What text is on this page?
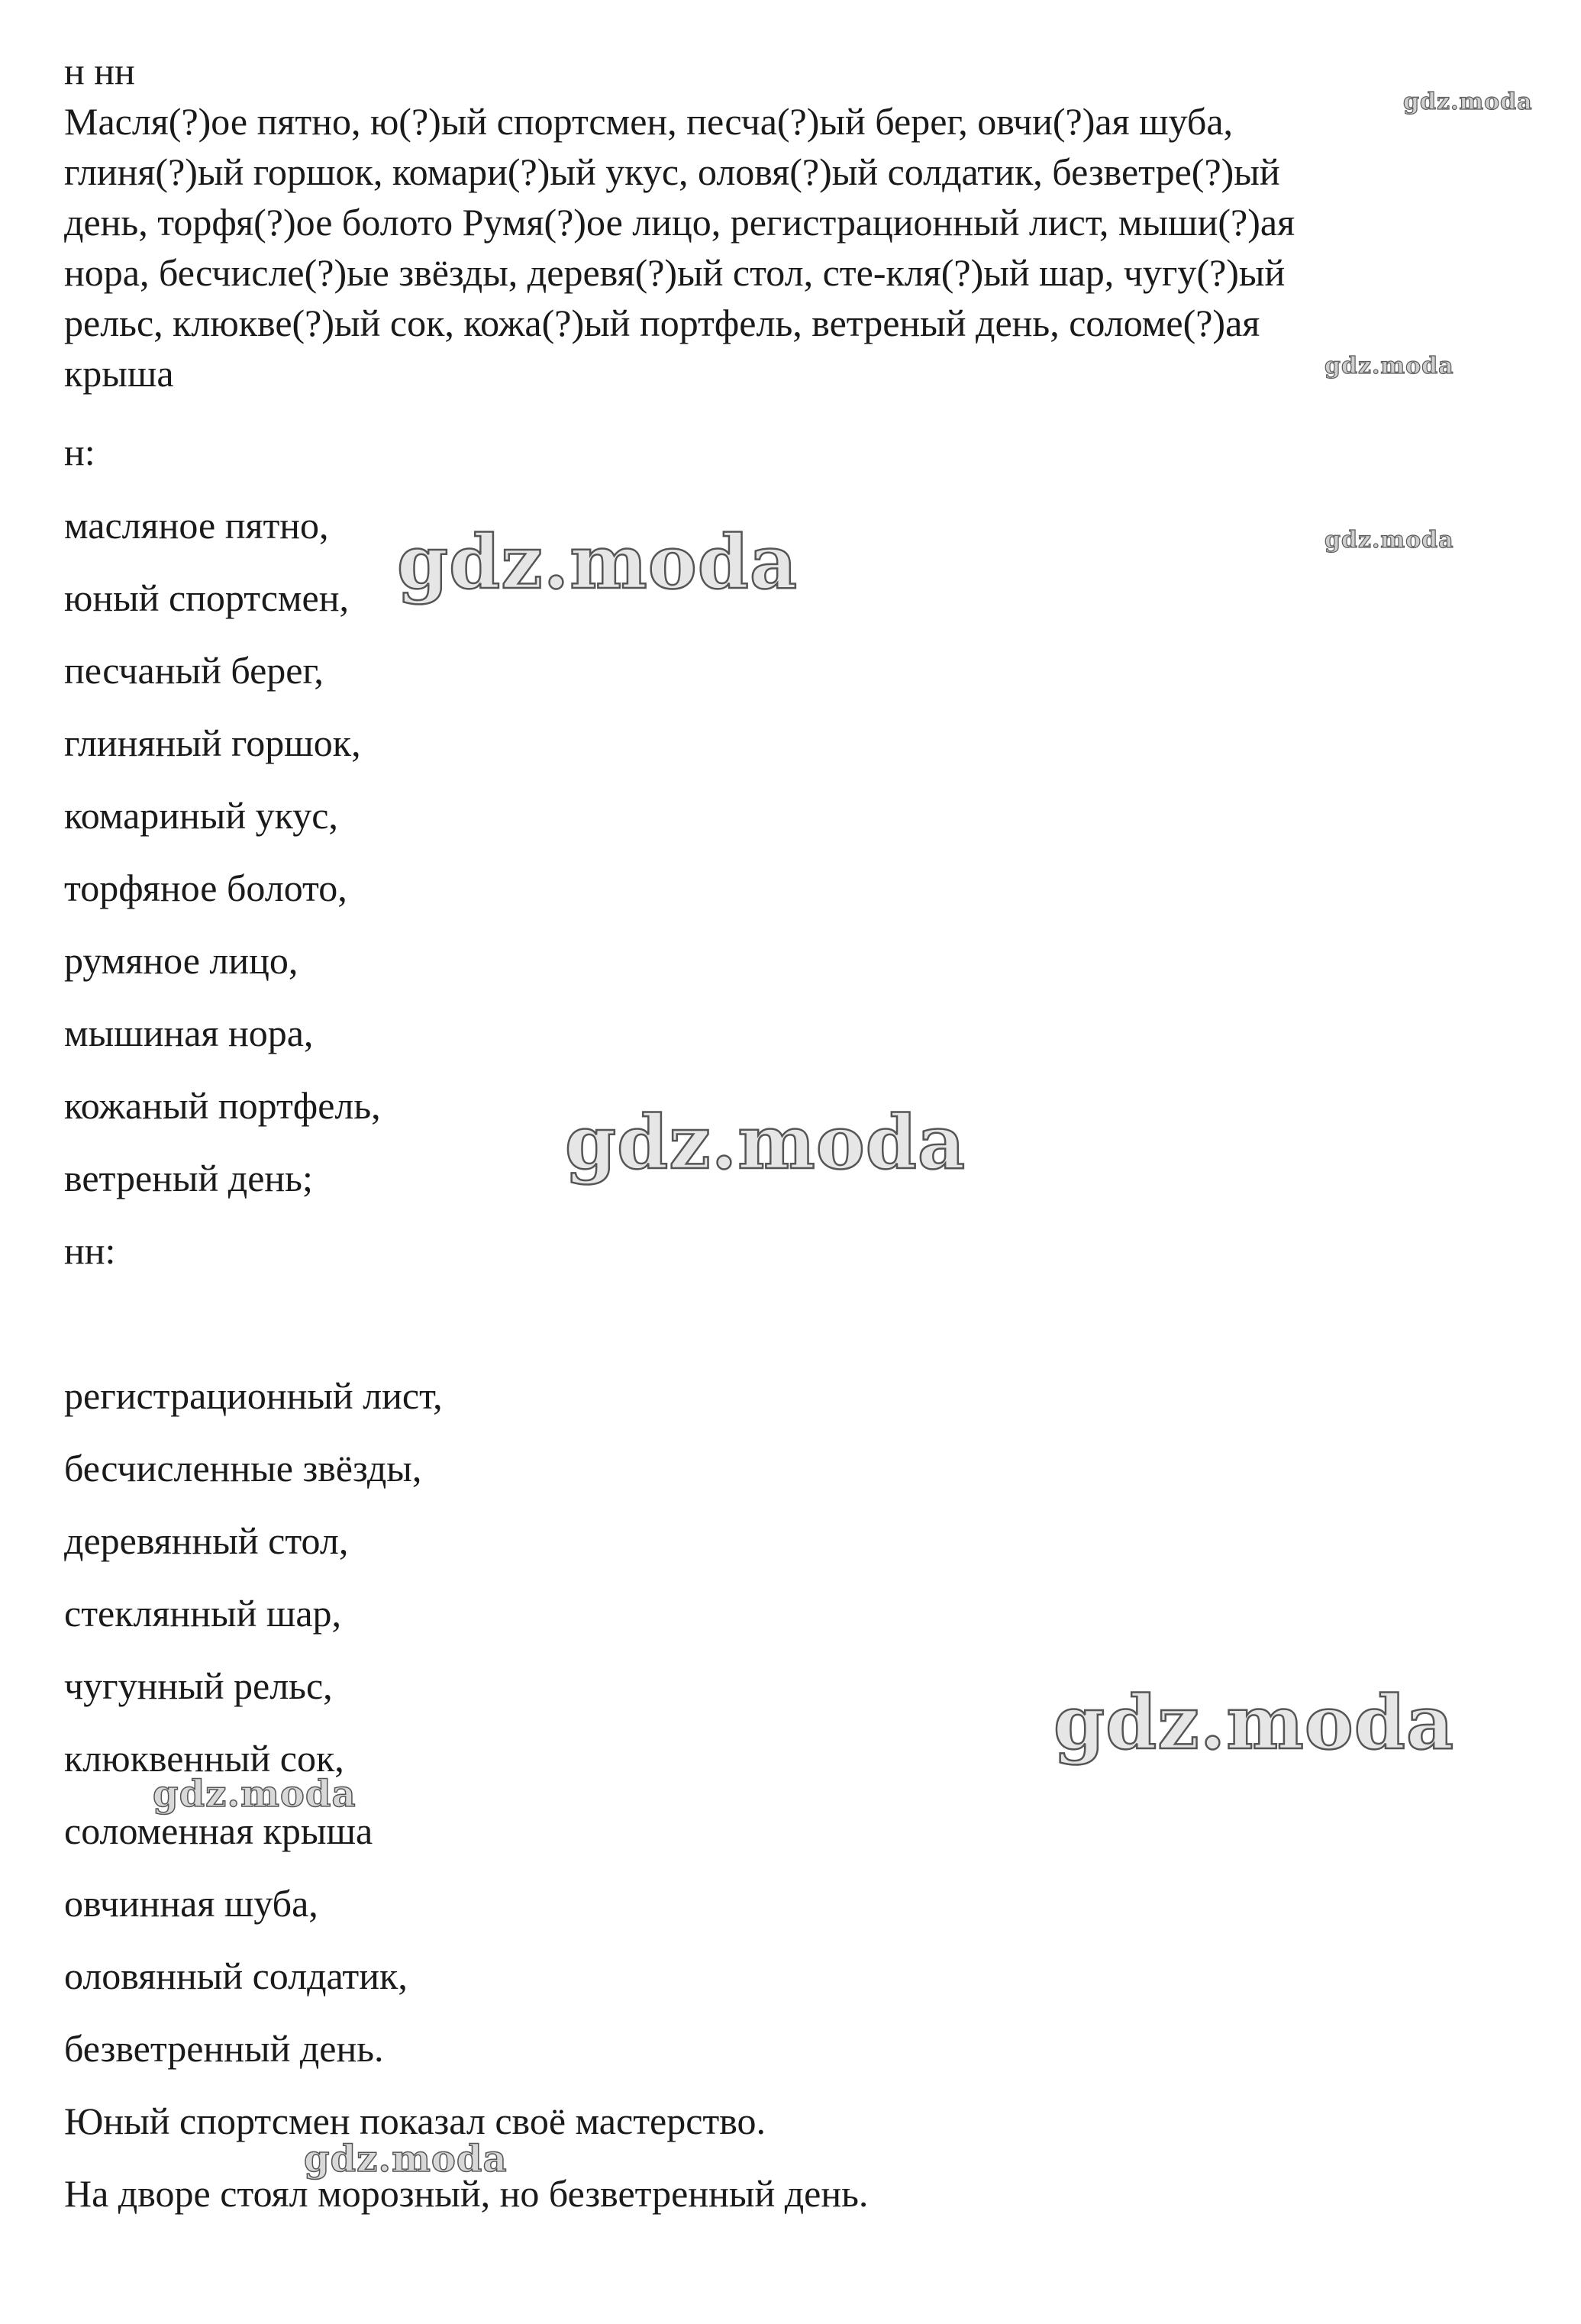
н нн
Масля(?)ое пятно, ю(?)ый спортсмен, песча(?)ый берег, овчи(?)ая шуба,
глиня(?)ый горшок, комари(?)ый укус, оловя(?)ый солдатик, безветре(?)ый
день, торфя(?)ое болото Румя(?)ое лицо, регистрационный лист, мыши(?)ая
нора, бесчисле(?)ые звёзды, деревя(?)ый стол, сте-кля(?)ый шар, чугу(?)ый
рельс, клюкве(?)ый сок, кожа(?)ый портфель, ветреный день, соломе(?)ая
крыша
н:
масляное пятно,
юный спортсмен,
песчаный берег,
глиняный горшок,
комариный укус,
торфяное болото,
румяное лицо,
мышиная нора,
кожаный портфель,
ветреный день;
нн:
регистрационный лист,
бесчисленные звёзды,
деревянный стол,
стеклянный шар,
чугунный рельс,
клюквенный сок,
соломенная крыша
овчинная шуба,
оловянный солдатик,
безветренный день.
Юный спортсмен показал своё мастерство.
На дворе стоял морозный, но безветренный день.
gdz.moda
gdz.moda
gdz.moda
gdz.moda
gdz.moda
gdz.moda
gdz.moda
gdz.moda
